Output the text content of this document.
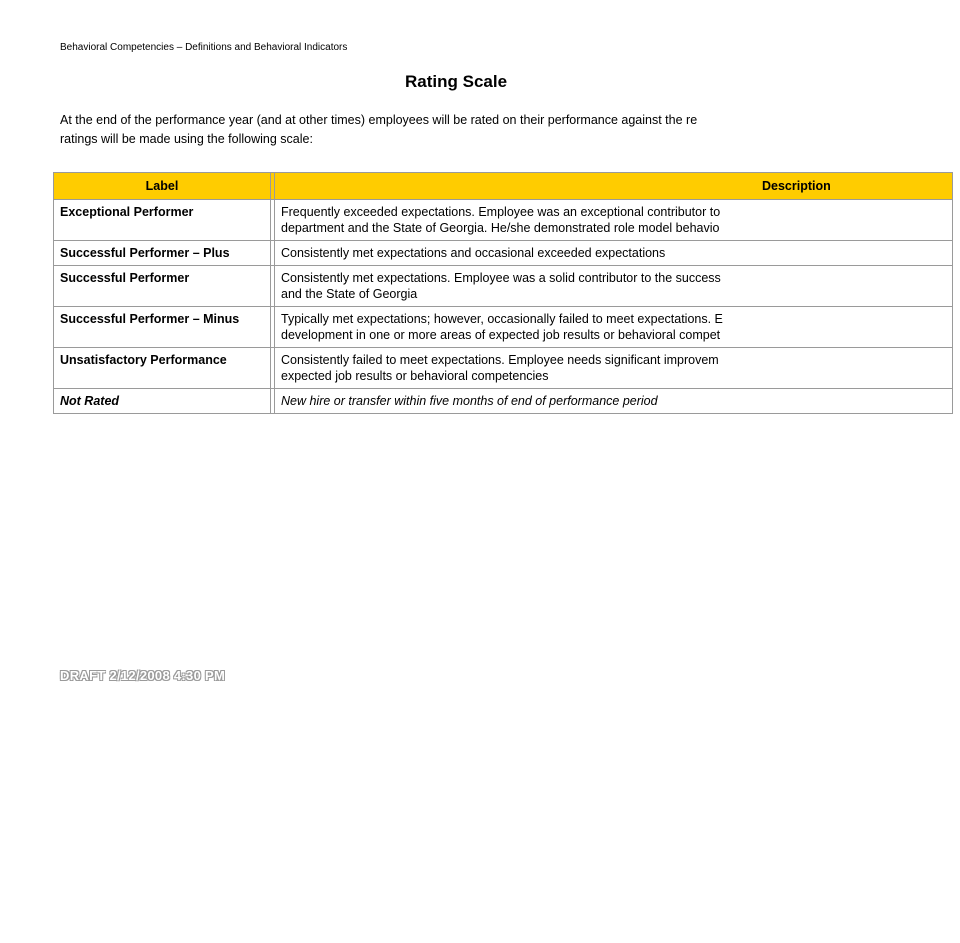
Behavioral Competencies – Definitions and Behavioral Indicators
Rating Scale
At the end of the performance year (and at other times) employees will be rated on their performance against the re
ratings will be made using the following scale:
Label		Description

Exceptional Performer		Frequently exceeded expectations. Employee was an exceptional contributor to
department and the State of Georgia. He/she demonstrated role model behavio

Successful Performer – Plus		Consistently met expectations and occasional exceeded expectations

Successful Performer		Consistently met expectations. Employee was a solid contributor to the success
and the State of Georgia

Successful Performer – Minus		Typically met expectations; however, occasionally failed to meet expectations. E
development in one or more areas of expected job results or behavioral compet

Unsatisfactory Performance		Consistently failed to meet expectations. Employee needs significant improvem
expected job results or behavioral competencies

Not Rated		New hire or transfer within five months of end of performance period
DRAFT 2/12/2008 4:30 PM
